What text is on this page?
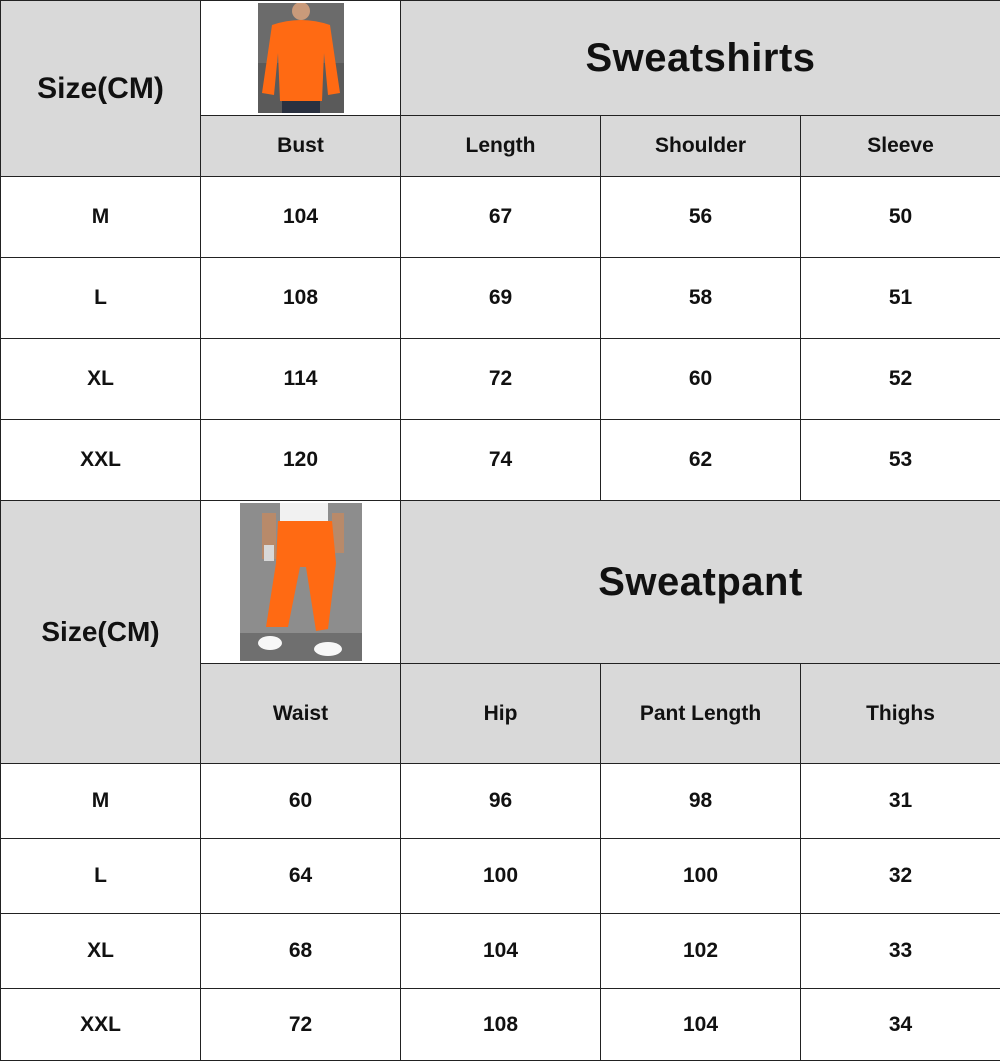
Size(CM)		Sweatshirts		
	Bust	Length	Shoulder	Sleeve
M	104	67	56	50
L	108	69	58	51
XL	114	72	60	52
XXL	120	74	62	53
Size(CM)		Sweatpant		
	Waist	Hip	Pant Length	Thighs
M	60	96	98	31
L	64	100	100	32
XL	68	104	102	33
XXL	72	108	104	34
